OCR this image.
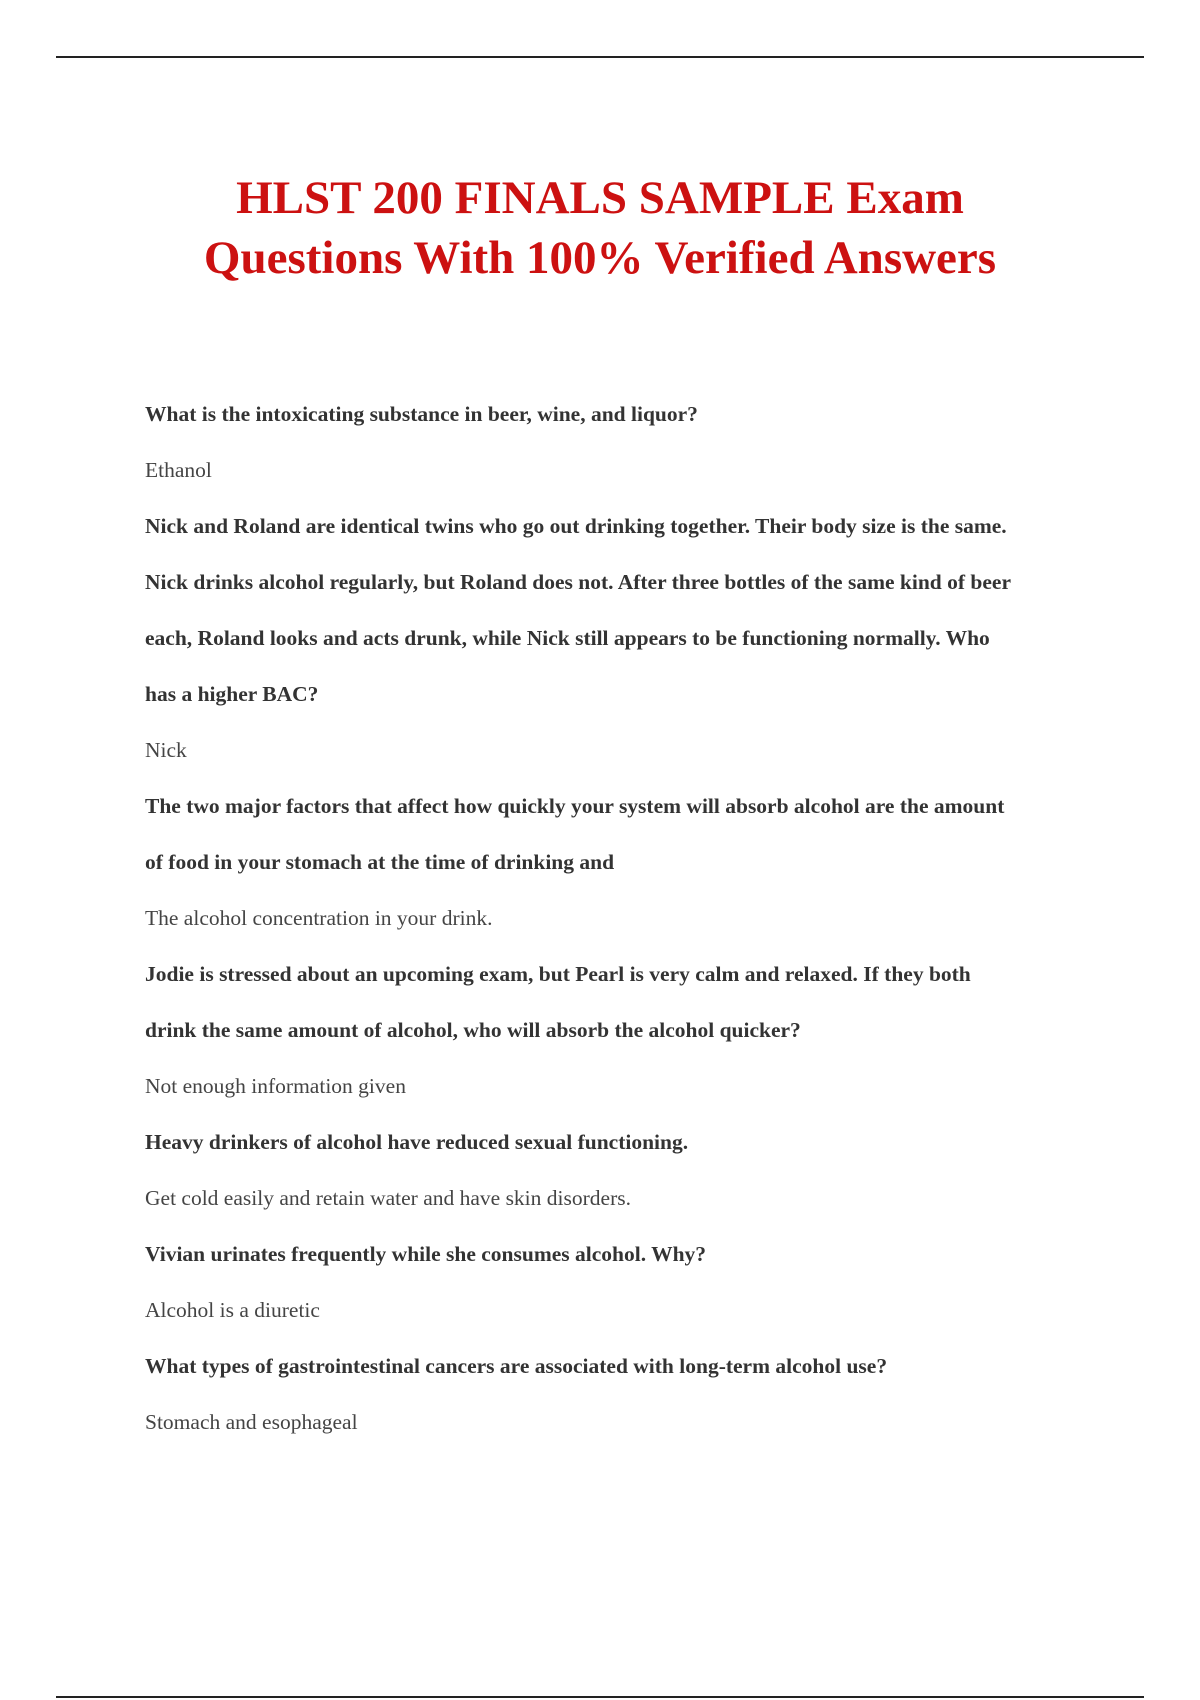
HLST 200 FINALS SAMPLE Exam
Questions With 100% Verified Answers

What is the intoxicating substance in beer, wine, and liquor?

Ethanol

Nick and Roland are identical twins who go out drinking together. Their body size is the same. Nick drinks alcohol regularly, but Roland does not. After three bottles of the same kind of beer each, Roland looks and acts drunk, while Nick still appears to be functioning normally. Who has a higher BAC?

Nick

The two major factors that affect how quickly your system will absorb alcohol are the amount of food in your stomach at the time of drinking and

The alcohol concentration in your drink.

Jodie is stressed about an upcoming exam, but Pearl is very calm and relaxed. If they both drink the same amount of alcohol, who will absorb the alcohol quicker?

Not enough information given

Heavy drinkers of alcohol have reduced sexual functioning.

Get cold easily and retain water and have skin disorders.

Vivian urinates frequently while she consumes alcohol. Why?

Alcohol is a diuretic

What types of gastrointestinal cancers are associated with long-term alcohol use?

Stomach and esophageal
